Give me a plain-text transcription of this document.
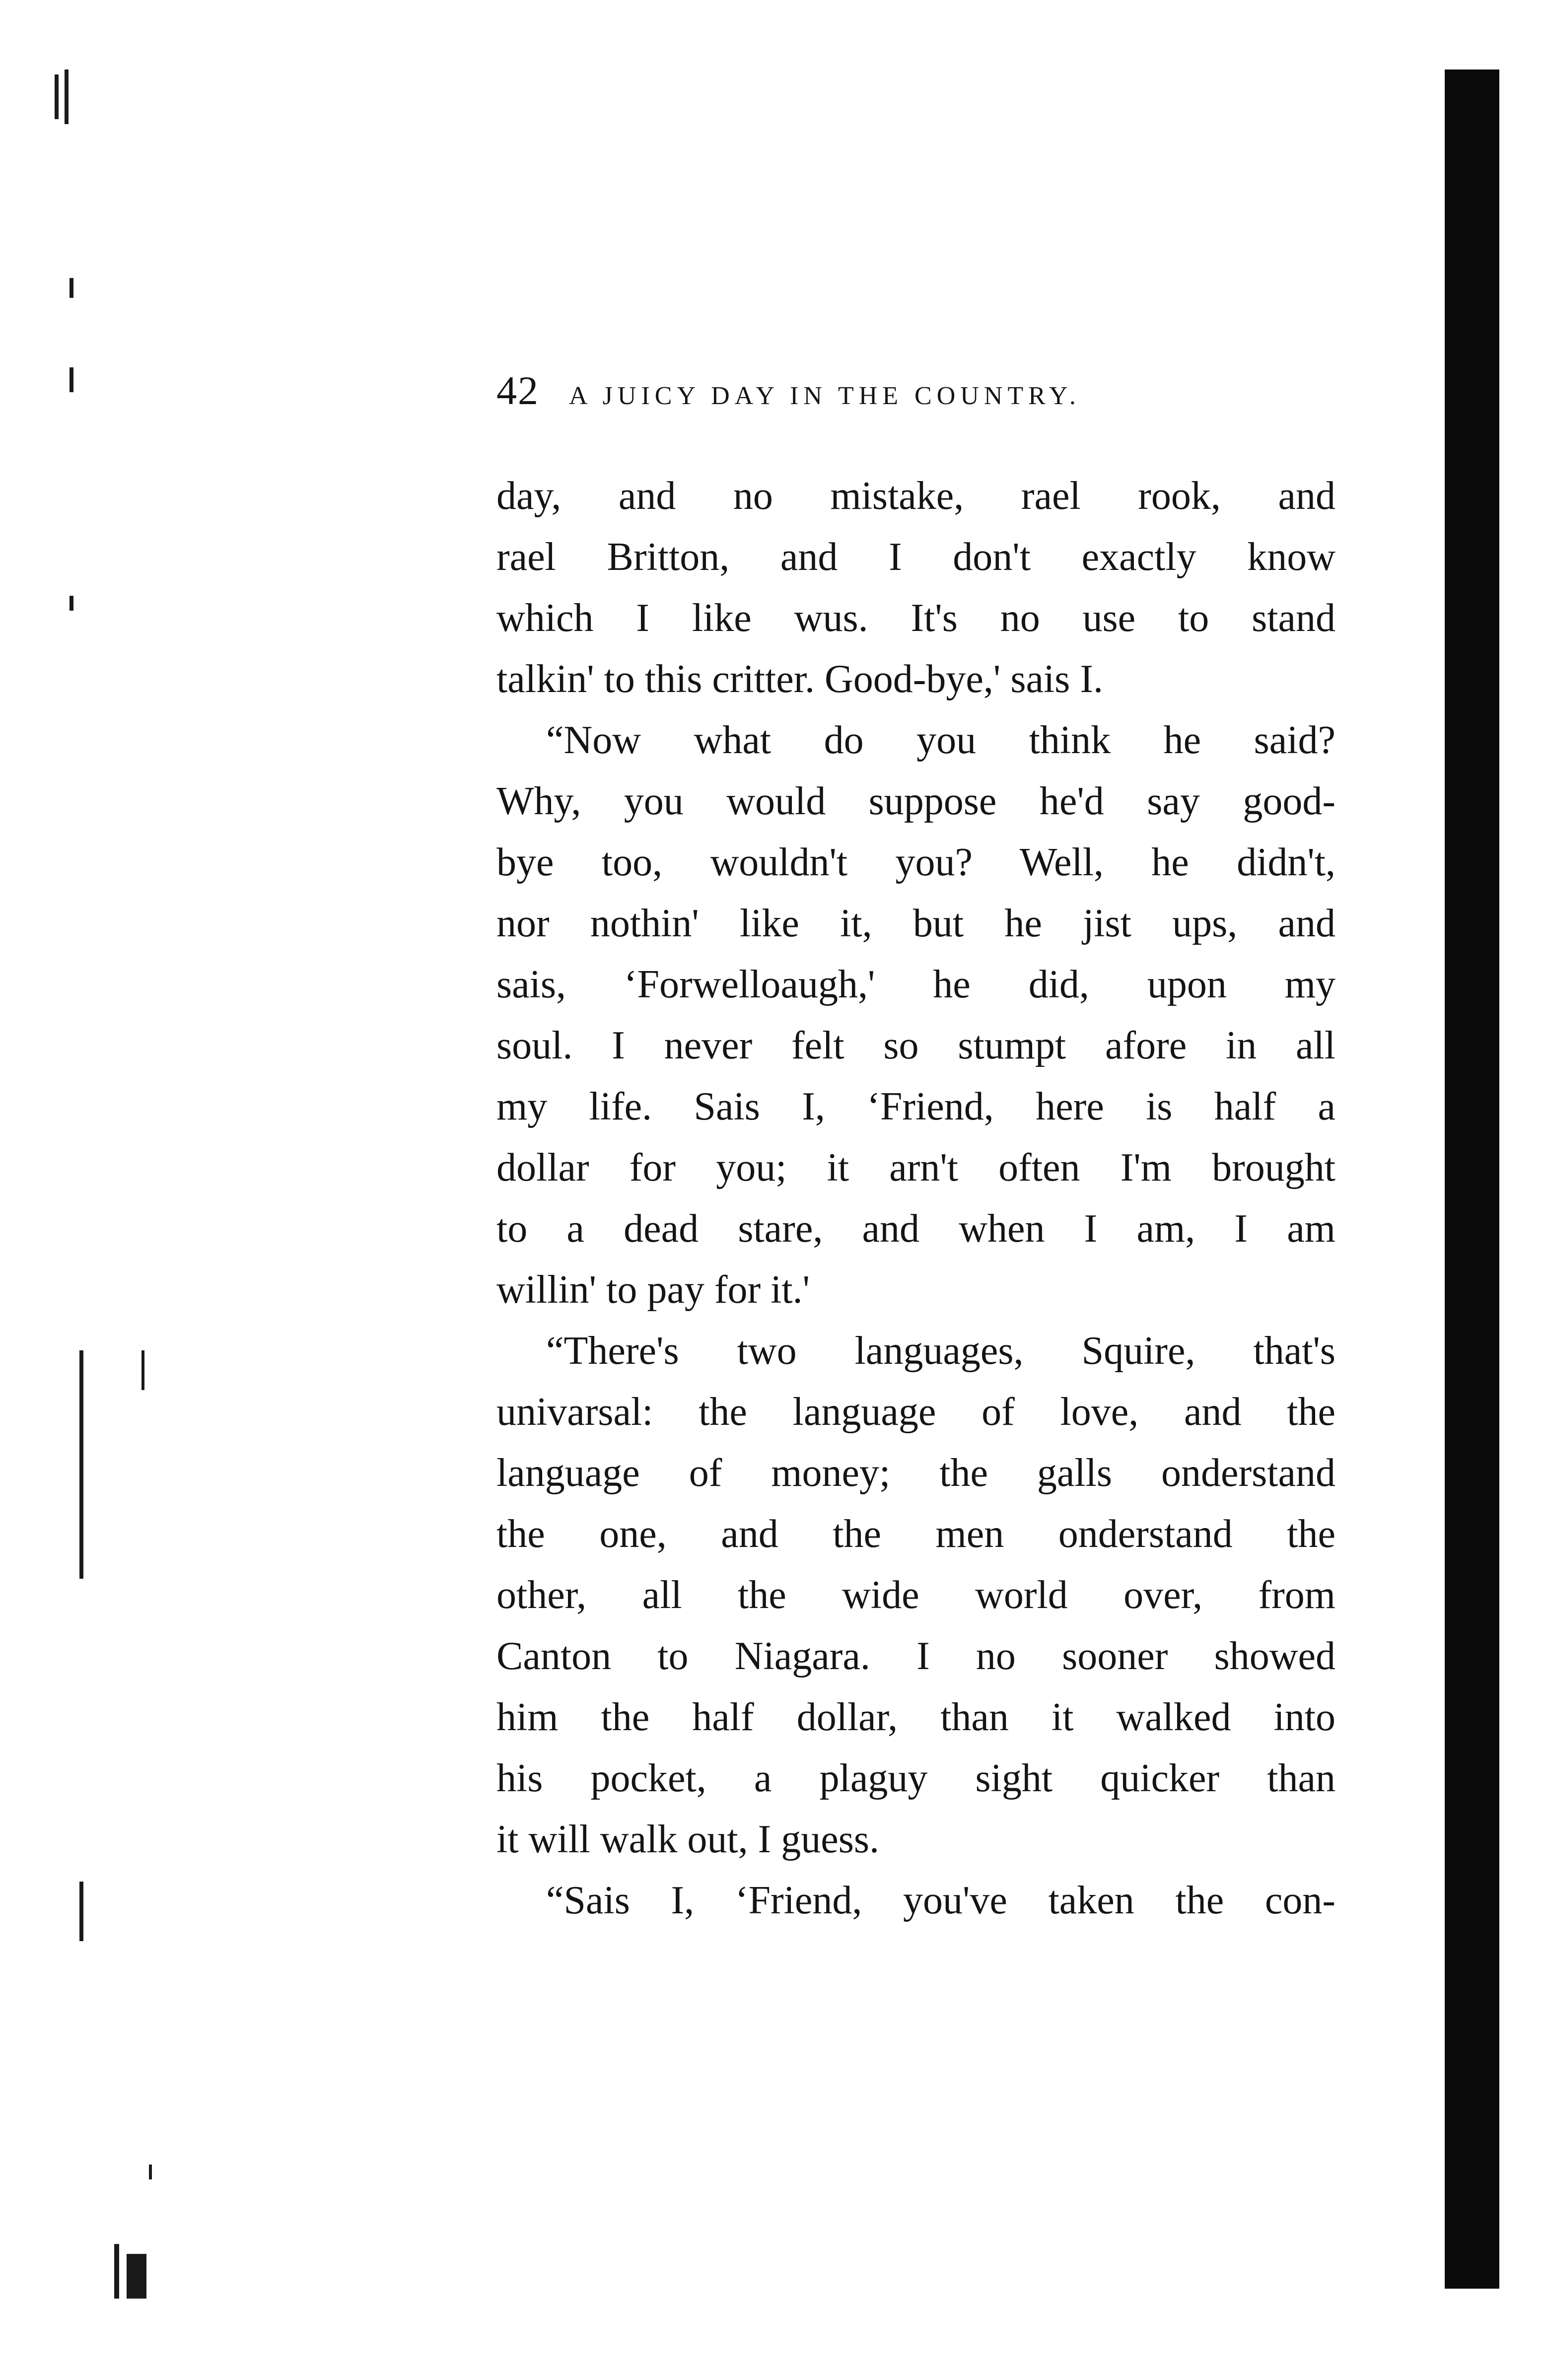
42 A JUICY DAY IN THE COUNTRY.
day, and no mistake, rael rook, and
rael Britton, and I don't exactly know
which I like wus. It's no use to stand
talkin' to this critter. Good-bye,' sais I.
“Now what do you think he said?
Why, you would suppose he'd say good-
bye too, wouldn't you? Well, he didn't,
nor nothin' like it, but he jist ups, and
sais, ‘Forwelloaugh,' he did, upon my
soul. I never felt so stumpt afore in all
my life. Sais I, ‘Friend, here is half a
dollar for you; it arn't often I'm brought
to a dead stare, and when I am, I am
willin' to pay for it.'
“There's two languages, Squire, that's
univarsal: the language of love, and the
language of money; the galls onderstand
the one, and the men onderstand the
other, all the wide world over, from
Canton to Niagara. I no sooner showed
him the half dollar, than it walked into
his pocket, a plaguy sight quicker than
it will walk out, I guess.
“Sais I, ‘Friend, you've taken the con-
